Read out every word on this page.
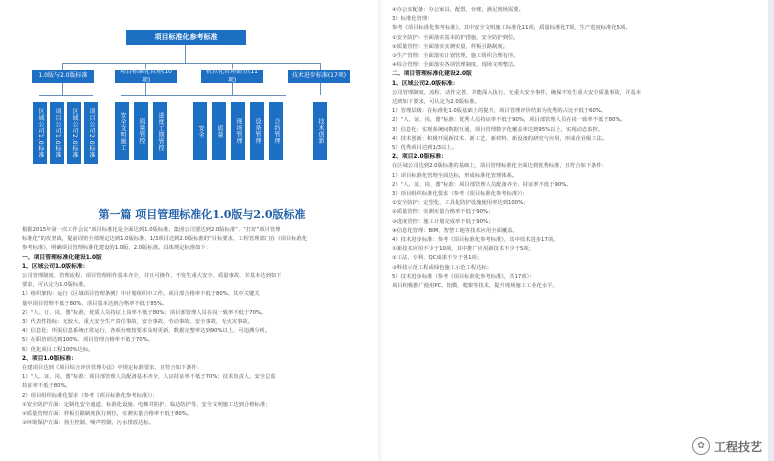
项目标准化参考标准
1.0版与2.0版标准
项目标准化管理(10项)
机位化管理部分(11项)
技术进步标准(17项)
区域公司1.0标准	项目公司1.0标准	区域公司2.0标准	项目公司2.0标准	安全文明施工	质量管控	进度工期管控	安全	质量	现场管理	设备管理	合约管理	技术创新
第一篇 项目管理标准化1.0版与2.0版标准

根据2015年第一次工作会议“项目标准化是全面达到1.0版标准，集团公司要达到2.0版标准”、“打好”项目管理

标准化”的攻坚战，提前周密全部规定达到1.0版标准，1/3项目达到2.0版标准的“目标要求，工程管理部门在《项目标准化

参考标准》，明确项目管理标准化建设的1.0版、2.0版标准。具体规定标准如下：

一、项目管理标准化建设1.0版

1、区域公司1.0版标准：

公司管理制度、管理流程、项目管理组作基本齐全，并且可操作，不发生重大安全、质量事故，并基本达到如下

要求，可认定为1.0版标准。

1）组织架构：运行《区域项目管理条例》中计划组织中工作。项目部合格率不低于80%，其中关键关

量中项目管理不低于80%，项目基本达到合格率不低于85%。

2）“人、订、岗、器”标准，优质人员持证上岗率不低于80%；项目部管理人员在岗一致率不低于70%。

3）代表性指标：无较大、重大安全生产责任事故，安全事故、劳动事故、安全事故，无火灾事故。

4）信息化：所需信息系统正常运行，各项台账按要求及时更新，数据完整率达到90%以上，可追溯分析。

5）在职培训达到100%，项目管理合格率不低于70%。

6）优化项目工程100%达标。

2、项目1.0版标准：

在建项目达到《项目综合评价管理办法》中规定标准要求，且符合如下条件：

1）“人、证、岗、器”标准：项目部管理人员配备基本齐全，人证持证率不低于70%；技术负责人、安全总监

持证率不低于80%。

2）项目组织标准化要求（参考《项目标准化参考标准》）：

①安全防护方面：定制化安全通道、标准化设施、电梯井防护、临边防护等，安全文明施工达到合格标准；

②质量管理方面：样板引路制度执行到位，实测实量合格率不低于80%。

③环境保护方面：扬尘控制、噪声控制、污水排放达标。

④办公室配备：办公家具、配置、台账，满足现场需要。

3）标准化管理：

参考《项目标准化参考标准》，其中安全文明施工标准化11项，质量标准化7项，生产进度标准化5项。

①安全防护：全面落实基本防护措施，安全防护到位。

②质量管控：全面落实实测实量，样板引路制度。

③生产管理：全面落实计划管理，施工组织合理有序。

④综合管理：全面落实各项管理制度，现场文明整洁。

二、项目管理标准化建设2.0版

1、区域公司2.0版标准：

公司管理制度、流程、动作完善，并能深入执行，无重大安全事件，确保不发生重大安全质量事故，并基本

达到如下要求，可认定为2.0版标准。

1）管理层级：在标准化1.0版基础上的提升，项目管理评价结果为优秀的占比不低于60%。

2）“人、证、岗、器”标准：优秀人员持证率不低于90%，项目部管理人员在岗一致率不低于80%。

3）信息化：实现系统间数据互通，项目管理数字化覆盖率达到95%以上，实现动态监控。

4）技术创新：积极开展新技术、新工艺、新材料、新设备的研究与应用，形成企业级工法。

5）优秀项目达到1/3以上。

2、项目2.0版标准：

在区域公司达到2.0版标准的基础上，项目管理标准化全面达到优秀标准，且符合如下条件：

1）项目标准化管理全面达标，形成标准化管理体系。

2）“人、证、岗、器”标准：项目部管理人员配备齐全，持证率不低于90%。

3）项目组织标准化要求（参考《项目标准化参考标准》）：

①安全防护：定型化、工具化防护设施使用率达到100%；

②质量管控：实测实量合格率不低于90%；

③进度管控：施工计划完成率不低于90%；

④信息化管理：BIM、智慧工地等技术应用全面覆盖。

4）技术进步标准：参考《项目标准化参考标准》，其中技术进步17项。

①新技术应用不少于10项，其中推广应用新技术不少于5项；

②工法、专利、QC成果不少于各1项；

③科技示范工程或绿色施工示范工程达标；

5）技术进步标准（参考《项目标准化参考标准》，共17项）：

项目积极推广使用PC、铝模、爬架等技术，提升现场施工工业化水平。

✿ 工程技艺
